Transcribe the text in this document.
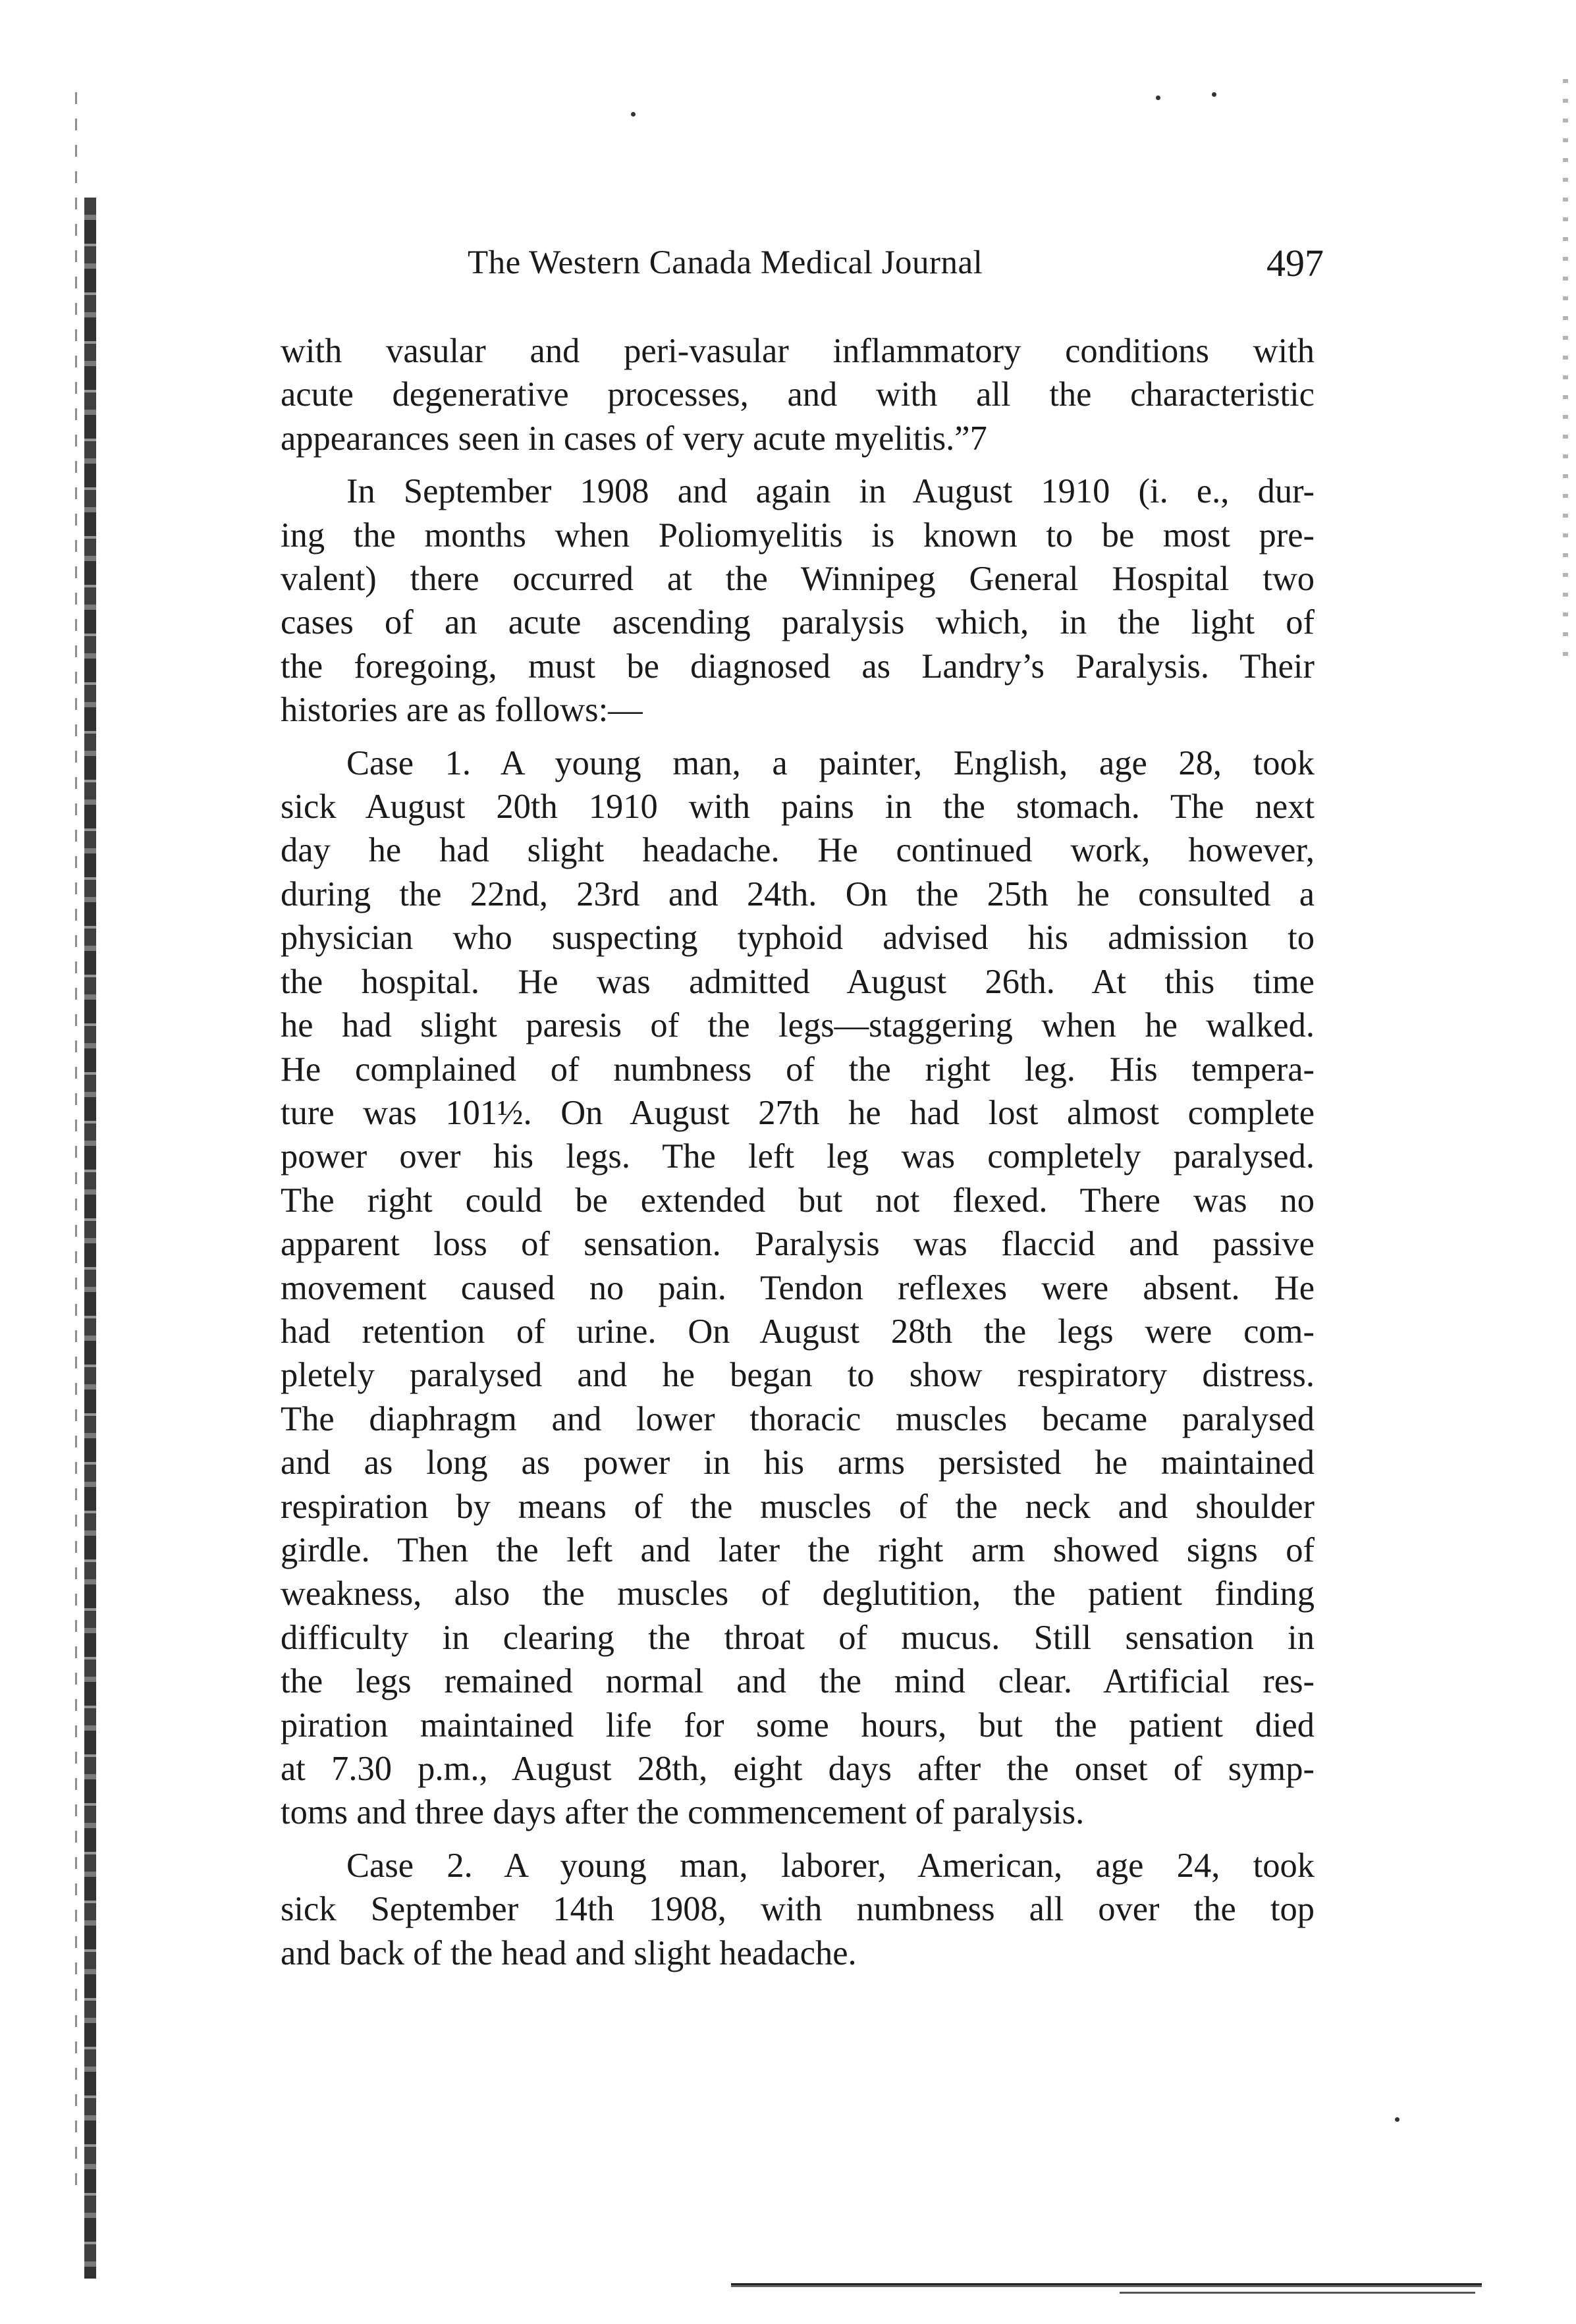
The Western Canada Medical Journal	497

with vasular and peri-vasular inflammatory conditions with
acute degenerative processes, and with all the characteristic
appearances seen in cases of very acute myelitis.”7

In September 1908 and again in August 1910 (i. e., dur-
ing the months when Poliomyelitis is known to be most pre-
valent) there occurred at the Winnipeg General Hospital two
cases of an acute ascending paralysis which, in the light of
the foregoing, must be diagnosed as Landry’s Paralysis. Their
histories are as follows:—

Case 1. A young man, a painter, English, age 28, took
sick August 20th 1910 with pains in the stomach. The next
day he had slight headache. He continued work, however,
during the 22nd, 23rd and 24th. On the 25th he consulted a
physician who suspecting typhoid advised his admission to
the hospital. He was admitted August 26th. At this time
he had slight paresis of the legs—staggering when he walked.
He complained of numbness of the right leg. His tempera-
ture was 101½. On August 27th he had lost almost complete
power over his legs. The left leg was completely paralysed.
The right could be extended but not flexed. There was no
apparent loss of sensation. Paralysis was flaccid and passive
movement caused no pain. Tendon reflexes were absent. He
had retention of urine. On August 28th the legs were com-
pletely paralysed and he began to show respiratory distress.
The diaphragm and lower thoracic muscles became paralysed
and as long as power in his arms persisted he maintained
respiration by means of the muscles of the neck and shoulder
girdle. Then the left and later the right arm showed signs of
weakness, also the muscles of deglutition, the patient finding
difficulty in clearing the throat of mucus. Still sensation in
the legs remained normal and the mind clear. Artificial res-
piration maintained life for some hours, but the patient died
at 7.30 p.m., August 28th, eight days after the onset of symp-
toms and three days after the commencement of paralysis.

Case 2. A young man, laborer, American, age 24, took
sick September 14th 1908, with numbness all over the top
and back of the head and slight headache.
